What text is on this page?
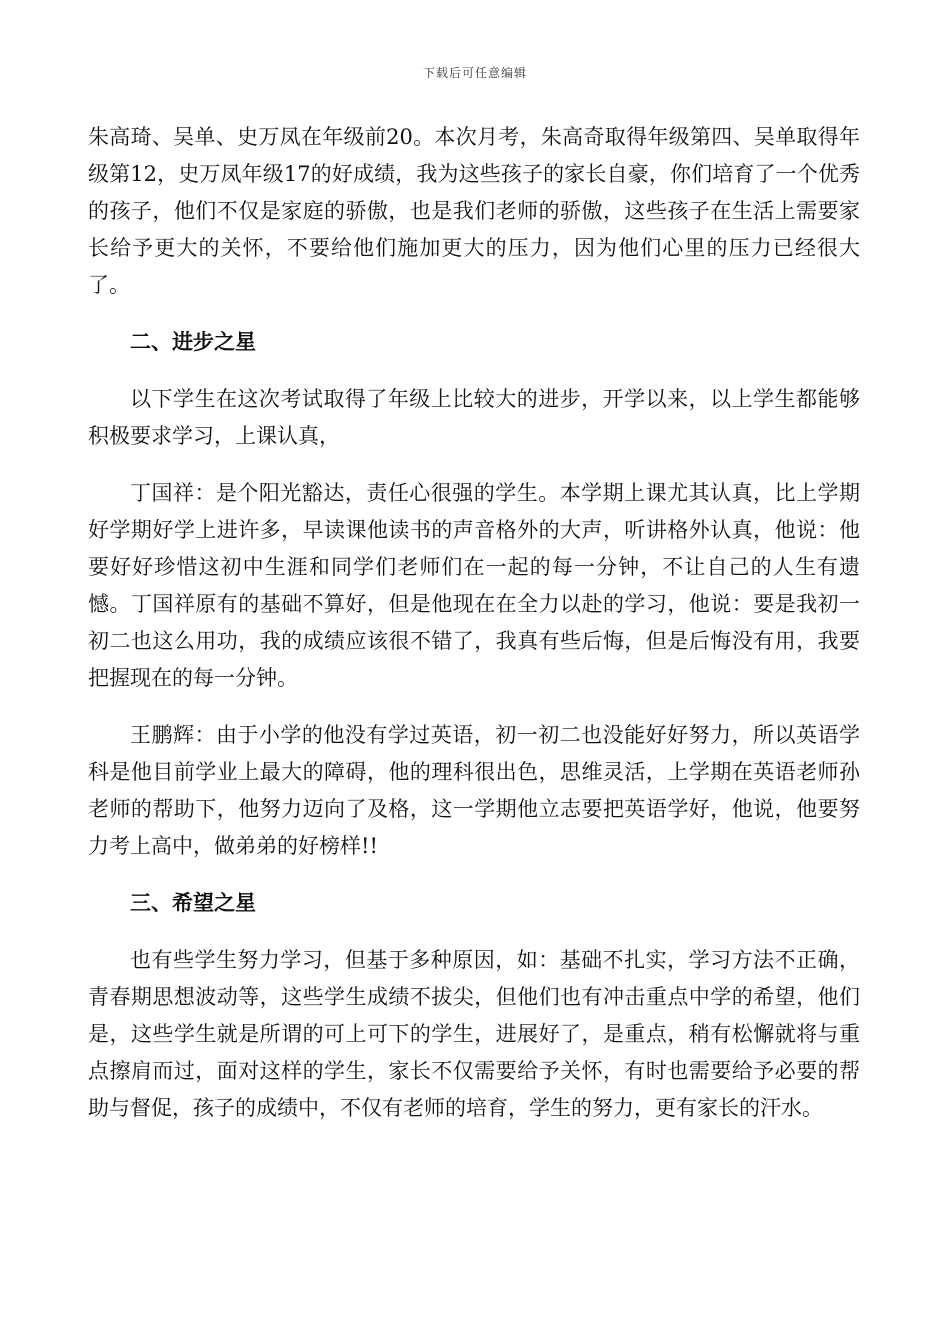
下载后可任意编辑

朱高琦、吴单、史万凤在年级前20。本次月考，朱高奇取得年级第四、吴单取得年级第12，史万凤年级17的好成绩，我为这些孩子的家长自豪，你们培育了一个优秀的孩子，他们不仅是家庭的骄傲，也是我们老师的骄傲，这些孩子在生活上需要家长给予更大的关怀，不要给他们施加更大的压力，因为他们心里的压力已经很大了。

二、进步之星

以下学生在这次考试取得了年级上比较大的进步，开学以来，以上学生都能够积极要求学习，上课认真，

丁国祥：是个阳光豁达，责任心很强的学生。本学期上课尤其认真，比上学期好学期好学上进许多，早读课他读书的声音格外的大声，听讲格外认真，他说：他要好好珍惜这初中生涯和同学们老师们在一起的每一分钟，不让自己的人生有遗憾。丁国祥原有的基础不算好，但是他现在在全力以赴的学习，他说：要是我初一初二也这么用功，我的成绩应该很不错了，我真有些后悔，但是后悔没有用，我要把握现在的每一分钟。

王鹏辉：由于小学的他没有学过英语，初一初二也没能好好努力，所以英语学科是他目前学业上最大的障碍，他的理科很出色，思维灵活，上学期在英语老师孙老师的帮助下，他努力迈向了及格，这一学期他立志要把英语学好，他说，他要努力考上高中，做弟弟的好榜样!!

三、希望之星

也有些学生努力学习，但基于多种原因，如：基础不扎实，学习方法不正确，青春期思想波动等，这些学生成绩不拔尖，但他们也有冲击重点中学的希望，他们是，这些学生就是所谓的可上可下的学生，进展好了，是重点，稍有松懈就将与重点擦肩而过，面对这样的学生，家长不仅需要给予关怀，有时也需要给予必要的帮助与督促，孩子的成绩中，不仅有老师的培育，学生的努力，更有家长的汗水。
